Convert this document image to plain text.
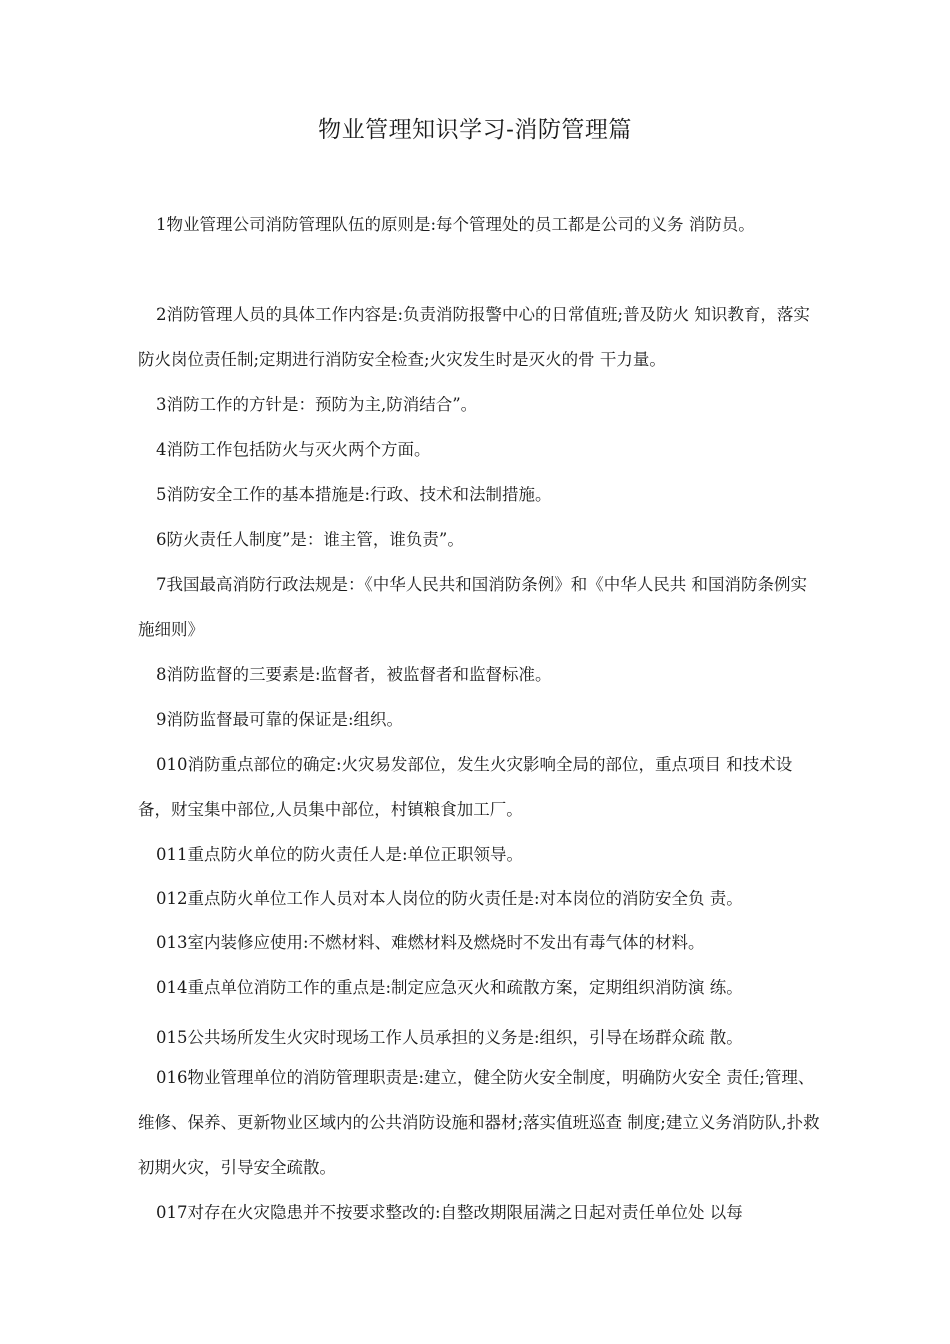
物业管理知识学习-消防管理篇
1物业管理公司消防管理队伍的原则是:每个管理处的员工都是公司的义务 消防员。
2消防管理人员的具体工作内容是:负责消防报警中心的日常值班;普及防火 知识教育，落实防火岗位责任制;定期进行消防安全检查;火灾发生时是灭火的骨 干力量。
3消防工作的方针是：预防为主,防消结合”。
4消防工作包括防火与灭火两个方面。
5消防安全工作的基本措施是:行政、技术和法制措施。
6防火责任人制度”是：谁主管，谁负责”。
7我国最高消防行政法规是：《中华人民共和国消防条例》和《中华人民共 和国消防条例实施细则》
8消防监督的三要素是:监督者，被监督者和监督标准。
9消防监督最可靠的保证是:组织。
010消防重点部位的确定:火灾易发部位，发生火灾影响全局的部位，重点项目 和技术设备，财宝集中部位,人员集中部位，村镇粮食加工厂。
011重点防火单位的防火责任人是:单位正职领导。
012重点防火单位工作人员对本人岗位的防火责任是:对本岗位的消防安全负 责。
013室内装修应使用:不燃材料、难燃材料及燃烧时不发出有毒气体的材料。
014重点单位消防工作的重点是:制定应急灭火和疏散方案，定期组织消防演 练。
015公共场所发生火灾时现场工作人员承担的义务是:组织，引导在场群众疏 散。
016物业管理单位的消防管理职责是:建立，健全防火安全制度，明确防火安全 责任;管理、维修、保养、更新物业区域内的公共消防设施和器材;落实值班巡查 制度;建立义务消防队,扑救初期火灾，引导安全疏散。
017对存在火灾隐患并不按要求整改的:自整改期限届满之日起对责任单位处 以每
